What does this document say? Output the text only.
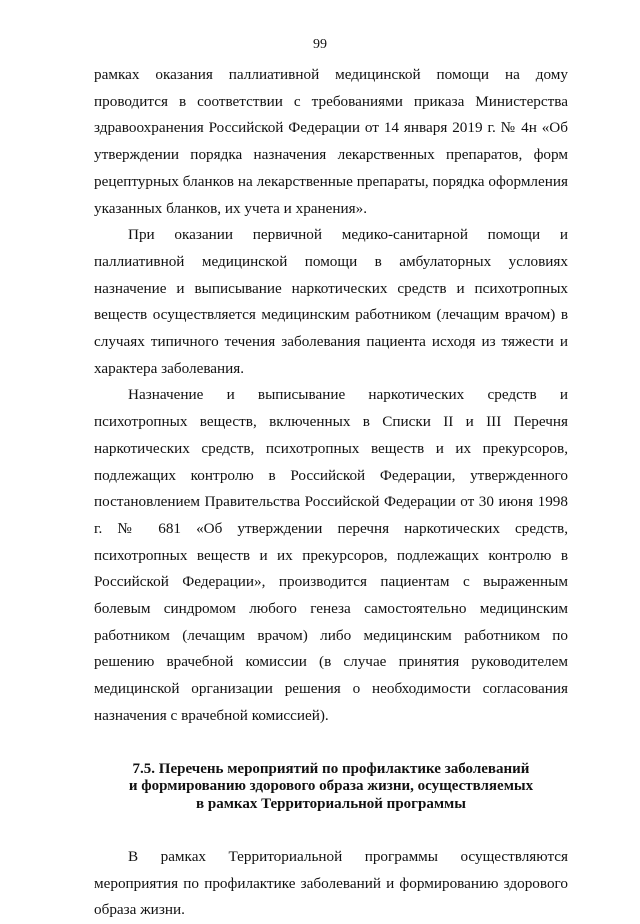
99

рамках оказания паллиативной медицинской помощи на дому проводится в соответствии с требованиями приказа Министерства здравоохранения Российской Федерации от 14 января 2019 г. № 4н «Об утверждении порядка назначения лекарственных препаратов, форм рецептурных бланков на лекарственные препараты, порядка оформления указанных бланков, их учета и хранения».

При оказании первичной медико-санитарной помощи и паллиативной медицинской помощи в амбулаторных условиях назначение и выписывание наркотических средств и психотропных веществ осуществляется медицинским работником (лечащим врачом) в случаях типичного течения заболевания пациента исходя из тяжести и характера заболевания.

Назначение и выписывание наркотических средств и психотропных веществ, включенных в Списки II и III Перечня наркотических средств, психотропных веществ и их прекурсоров, подлежащих контролю в Российской Федерации, утвержденного постановлением Правительства Российской Федерации от 30 июня 1998 г. № 681 «Об утверждении перечня наркотических средств, психотропных веществ и их прекурсоров, подлежащих контролю в Российской Федерации», производится пациентам с выраженным болевым синдромом любого генеза самостоятельно медицинским работником (лечащим врачом) либо медицинским работником по решению врачебной комиссии (в случае принятия руководителем медицинской организации решения о необходимости согласования назначения с врачебной комиссией).

7.5. Перечень мероприятий по профилактике заболеваний
и формированию здорового образа жизни, осуществляемых
в рамках Территориальной программы

В рамках Территориальной программы осуществляются мероприятия по профилактике заболеваний и формированию здорового образа жизни.
